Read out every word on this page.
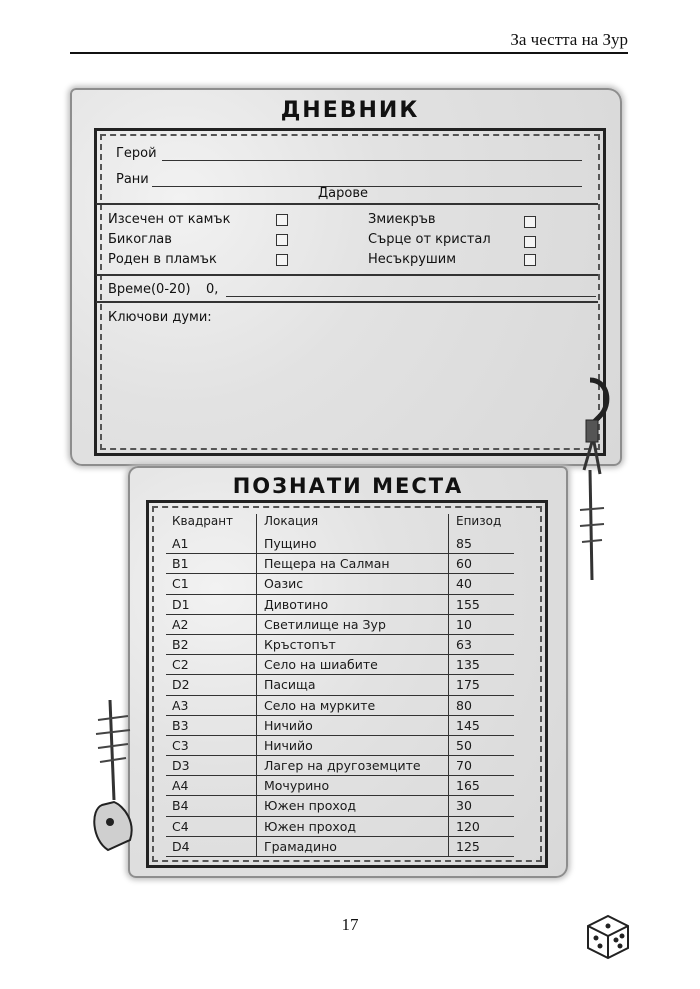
За честта на Зур
ДНЕВНИК
Герой
Рани
Дарове
Изсечен от камък
Бикоглав
Роден в пламък
Змиекръв
Сърце от кристал
Несъкрушим
Време(0-20) 0,
Ключови думи:
ПОЗНАТИ МЕСТА
Квадрант	Локация	Епизод
A1	Пущино	85
B1	Пещера на Салман	60
C1	Оазис	40
D1	Дивотино	155
A2	Светилище на Зур	10
B2	Кръстопът	63
C2	Село на шиабите	135
D2	Пасища	175
A3	Село на мурките	80
B3	Ничийо	145
C3	Ничийо	50
D3	Лагер на другоземците	70
A4	Мочурино	165
B4	Южен проход	30
C4	Южен проход	120
D4	Грамадино	125
17
